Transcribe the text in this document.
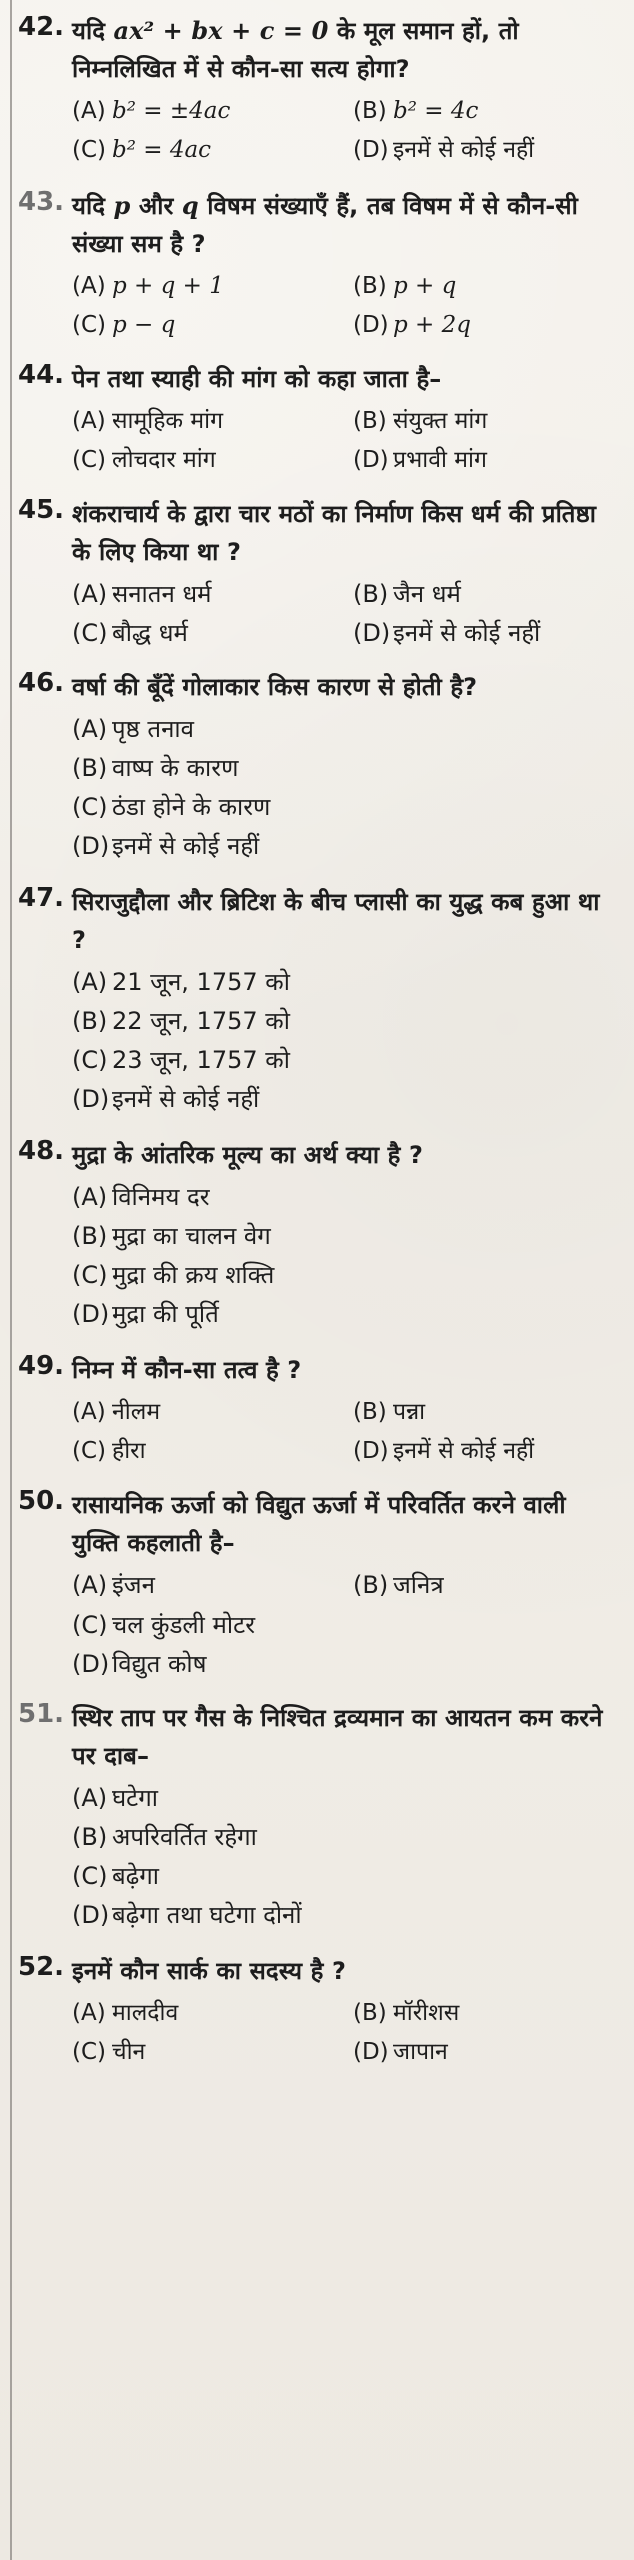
42. यदि ax² + bx + c = 0 के मूल समान हों, तो निम्नलिखित में से कौन-सा सत्य होगा?
(A) b² = ±4ac	(B) b² = 4c
(C) b² = 4ac	(D) इनमें से कोई नहीं
43. यदि p और q विषम संख्याएँ हैं, तब विषम में से कौन-सी संख्या सम है ?
(A) p + q + 1	(B) p + q
(C) p − q	(D) p + 2q
44. पेन तथा स्याही की मांग को कहा जाता है–
(A) सामूहिक मांग	(B) संयुक्त मांग
(C) लोचदार मांग	(D) प्रभावी मांग
45. शंकराचार्य के द्वारा चार मठों का निर्माण किस धर्म की प्रतिष्ठा के लिए किया था ?
(A) सनातन धर्म	(B) जैन धर्म
(C) बौद्ध धर्म	(D) इनमें से कोई नहीं
46. वर्षा की बूँदें गोलाकार किस कारण से होती है?
(A) पृष्ठ तनाव
(B) वाष्प के कारण
(C) ठंडा होने के कारण
(D) इनमें से कोई नहीं
47. सिराजुद्दौला और ब्रिटिश के बीच प्लासी का युद्ध कब हुआ था ?
(A) 21 जून, 1757 को
(B) 22 जून, 1757 को
(C) 23 जून, 1757 को
(D) इनमें से कोई नहीं
48. मुद्रा के आंतरिक मूल्य का अर्थ क्या है ?
(A) विनिमय दर
(B) मुद्रा का चालन वेग
(C) मुद्रा की क्रय शक्ति
(D) मुद्रा की पूर्ति
49. निम्न में कौन-सा तत्व है ?
(A) नीलम	(B) पन्ना
(C) हीरा	(D) इनमें से कोई नहीं
50. रासायनिक ऊर्जा को विद्युत ऊर्जा में परिवर्तित करने वाली युक्ति कहलाती है–
(A) इंजन	(B) जनित्र
(C) चल कुंडली मोटर
(D) विद्युत कोष
51. स्थिर ताप पर गैस के निश्चित द्रव्यमान का आयतन कम करने पर दाब–
(A) घटेगा
(B) अपरिवर्तित रहेगा
(C) बढ़ेगा
(D) बढ़ेगा तथा घटेगा दोनों
52. इनमें कौन सार्क का सदस्य है ?
(A) मालदीव	(B) मॉरीशस
(C) चीन	(D) जापान
